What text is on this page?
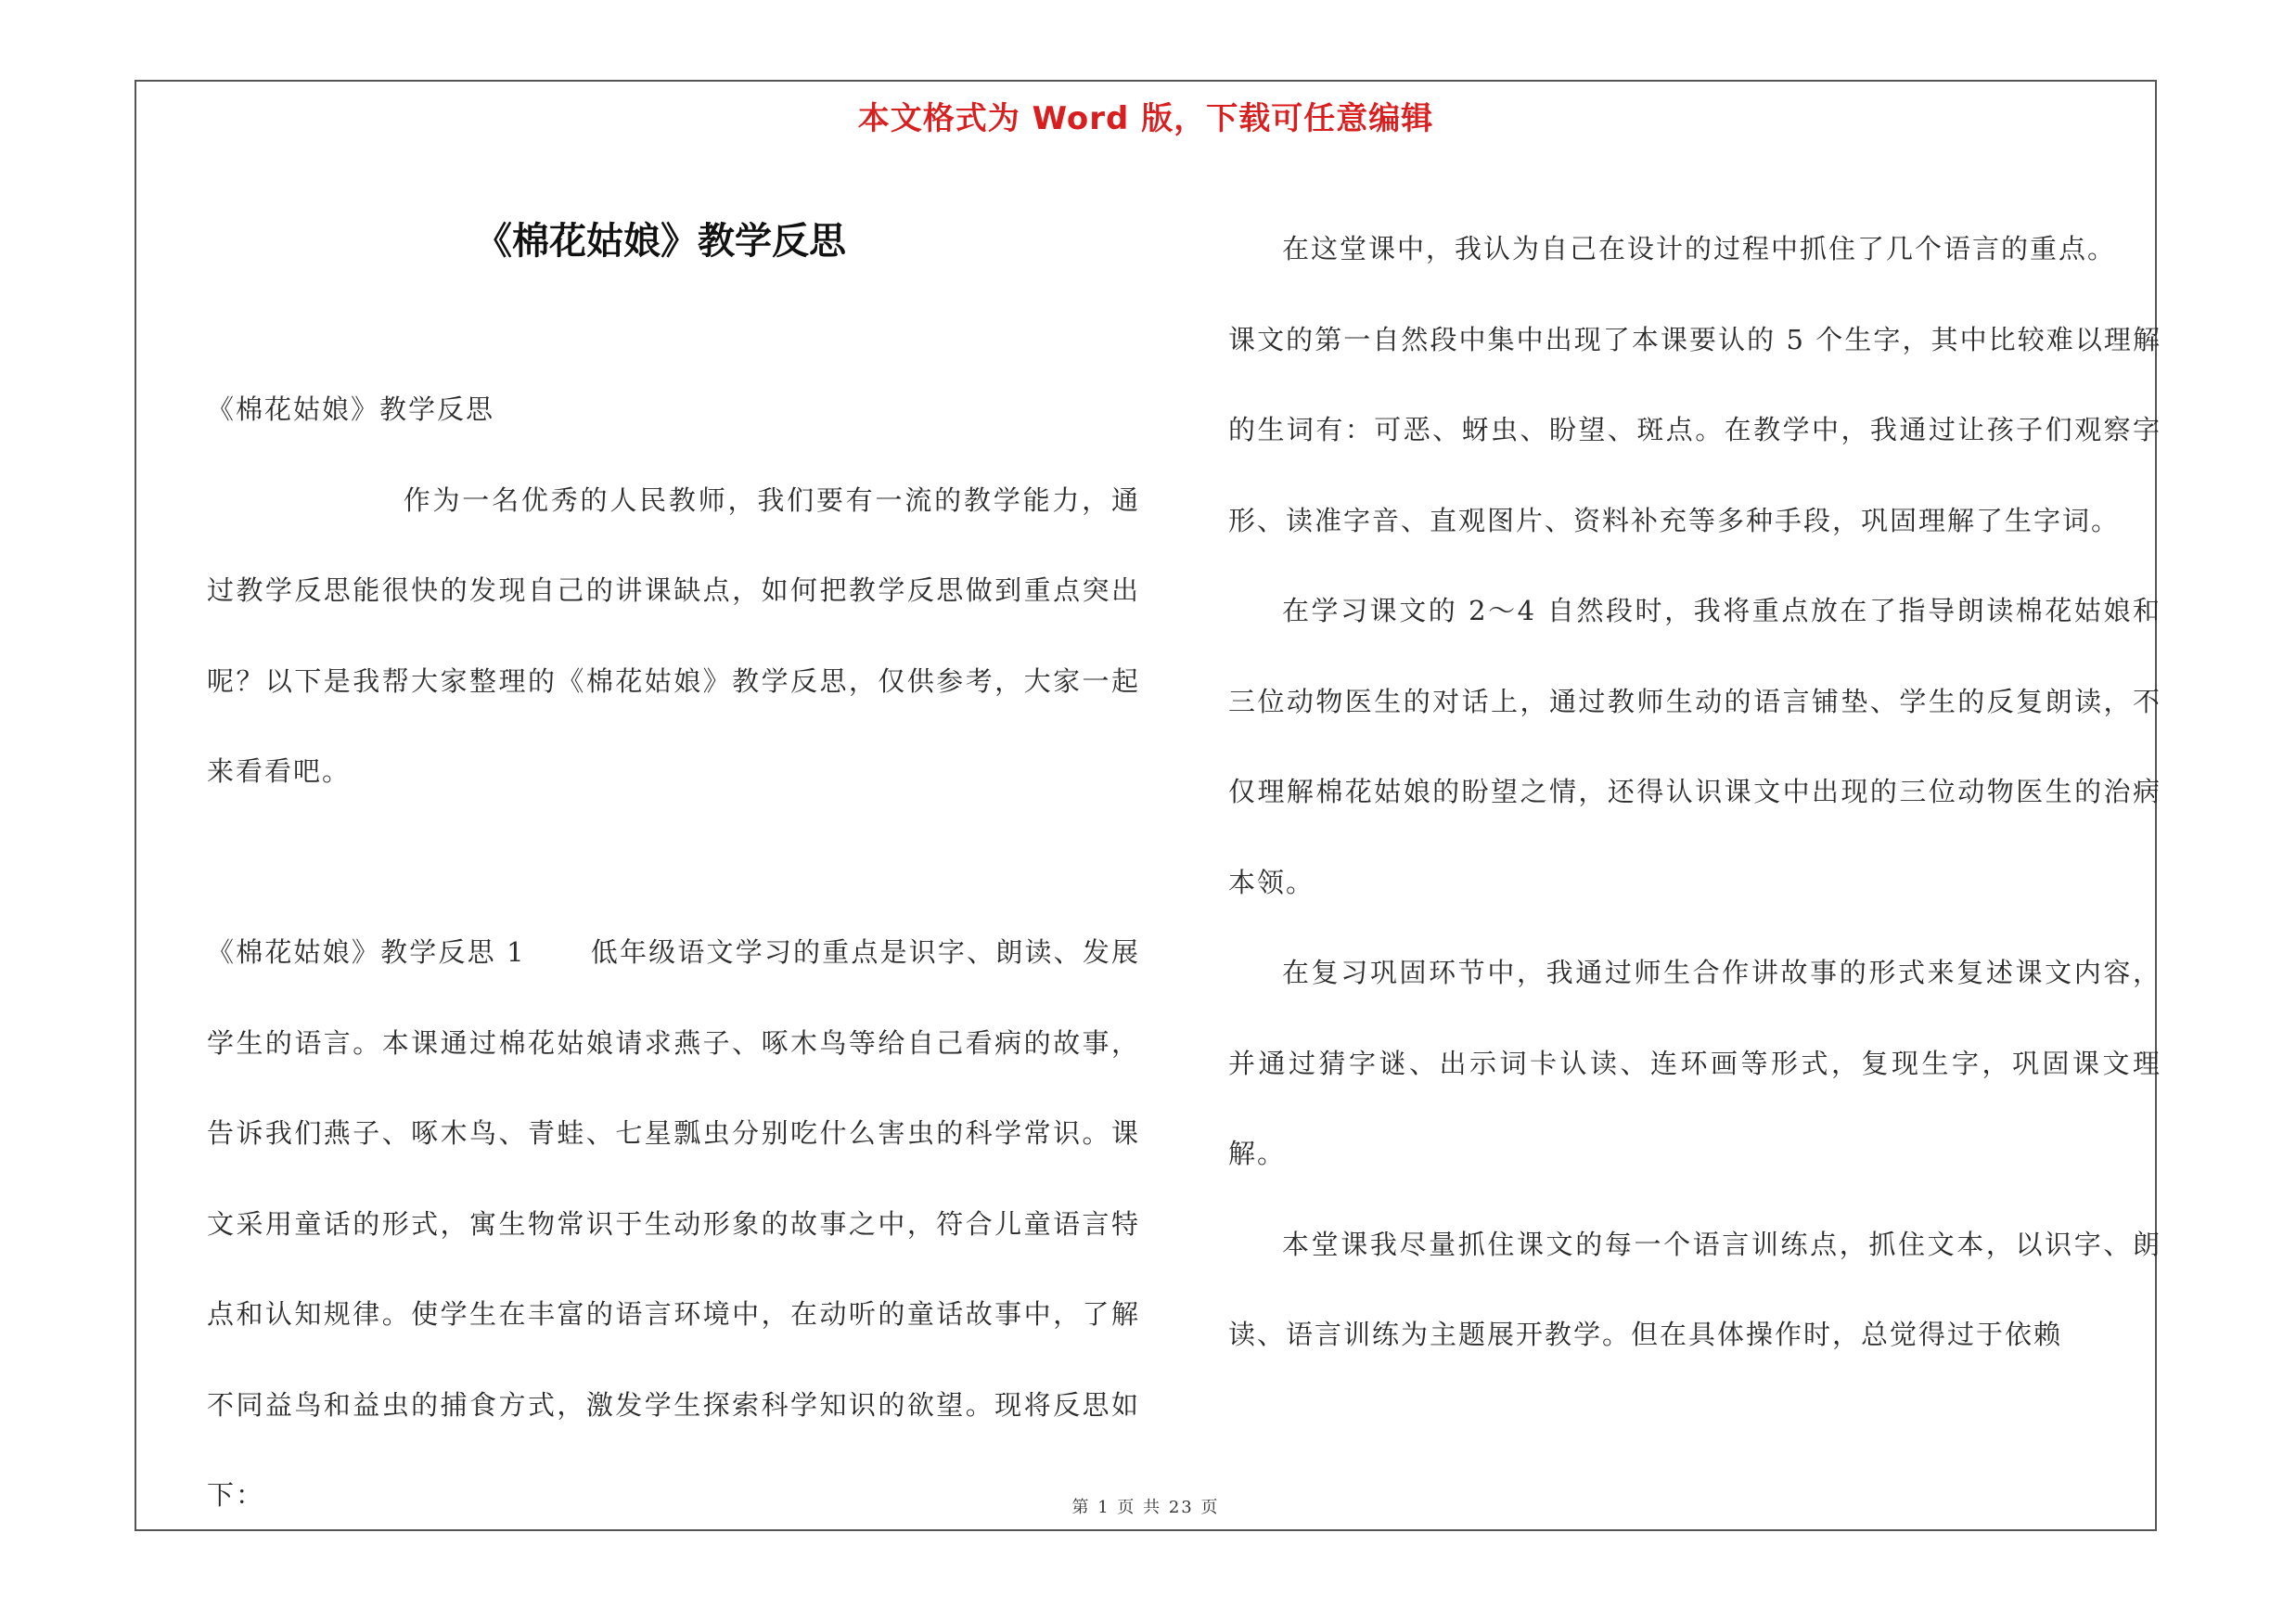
本文格式为 Word 版，下载可任意编辑
《棉花姑娘》教学反思

《棉花姑娘》教学反思

作为一名优秀的人民教师，我们要有一流的教学能力，通过教学反思能很快的发现自己的讲课缺点，如何把教学反思做到重点突出呢？以下是我帮大家整理的《棉花姑娘》教学反思，仅供参考，大家一起来看看吧。

《棉花姑娘》教学反思 1 低年级语文学习的重点是识字、朗读、发展学生的语言。本课通过棉花姑娘请求燕子、啄木鸟等给自己看病的故事，告诉我们燕子、啄木鸟、青蛙、七星瓢虫分别吃什么害虫的科学常识。课文采用童话的形式，寓生物常识于生动形象的故事之中，符合儿童语言特点和认知规律。使学生在丰富的语言环境中，在动听的童话故事中，了解不同益鸟和益虫的捕食方式，激发学生探索科学知识的欲望。现将反思如下：

在这堂课中，我认为自己在设计的过程中抓住了几个语言的重点。

课文的第一自然段中集中出现了本课要认的 5 个生字，其中比较难以理解的生词有：可恶、蚜虫、盼望、斑点。在教学中，我通过让孩子们观察字形、读准字音、直观图片、资料补充等多种手段，巩固理解了生字词。

在学习课文的 2～4 自然段时，我将重点放在了指导朗读棉花姑娘和三位动物医生的对话上，通过教师生动的语言铺垫、学生的反复朗读，不仅理解棉花姑娘的盼望之情，还得认识课文中出现的三位动物医生的治病本领。

在复习巩固环节中，我通过师生合作讲故事的形式来复述课文内容，并通过猜字谜、出示词卡认读、连环画等形式，复现生字，巩固课文理解。

本堂课我尽量抓住课文的每一个语言训练点，抓住文本，以识字、朗读、语言训练为主题展开教学。但在具体操作时，总觉得过于依赖

第 1 页 共 23 页
